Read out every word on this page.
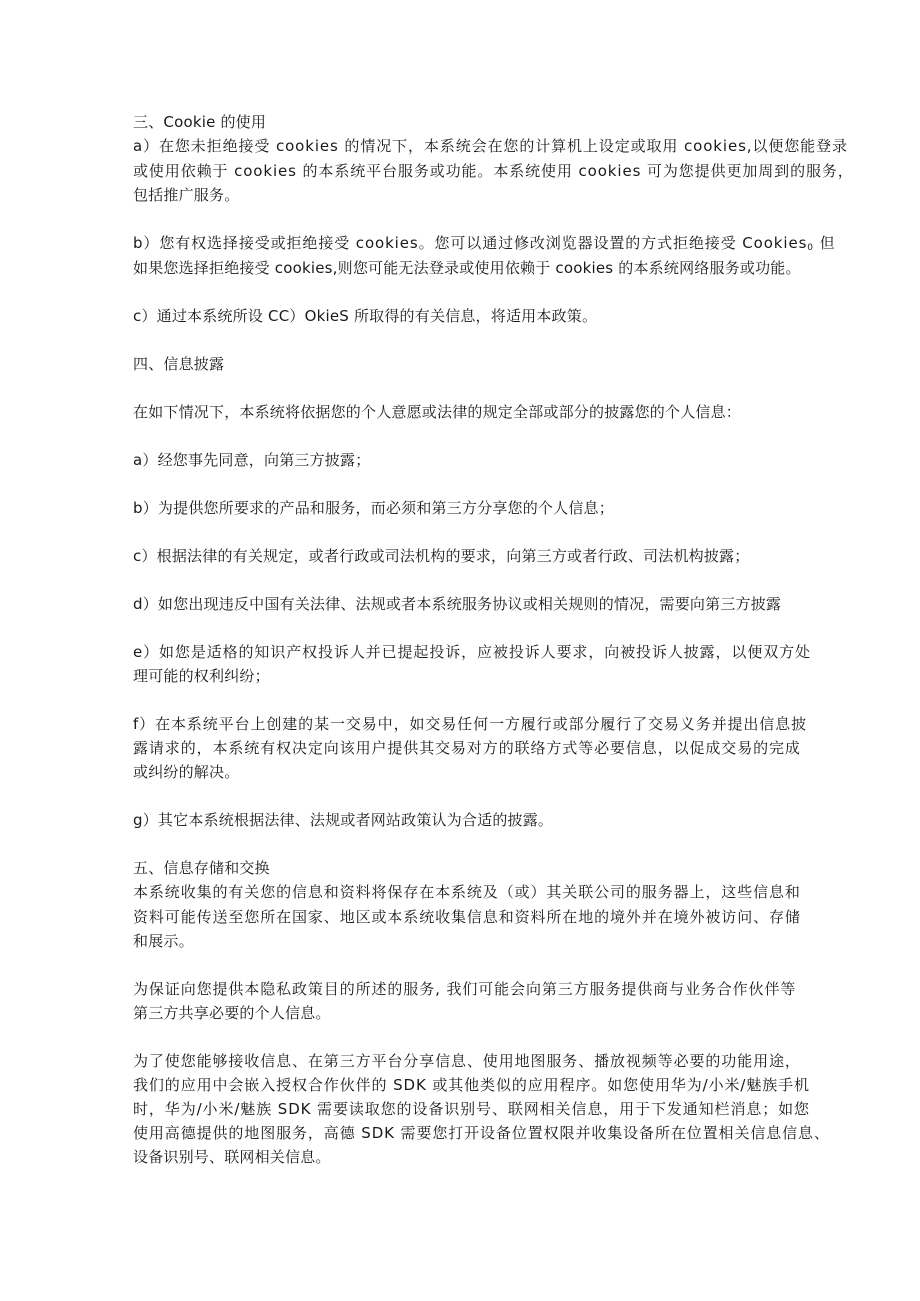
三、Cookie 的使用
a）在您未拒绝接受 cookies 的情况下，本系统会在您的计算机上设定或取用 cookies,以便您能登录
或使用依赖于 cookies 的本系统平台服务或功能。本系统使用 cookies 可为您提供更加周到的服务，
包括推广服务。
b）您有权选择接受或拒绝接受 cookies。您可以通过修改浏览器设置的方式拒绝接受 Cookies$_0$ 但
如果您选择拒绝接受 cookies,则您可能无法登录或使用依赖于 cookies 的本系统网络服务或功能。
c）通过本系统所设 CC）OkieS 所取得的有关信息，将适用本政策。
四、信息披露
在如下情况下，本系统将依据您的个人意愿或法律的规定全部或部分的披露您的个人信息：
a）经您事先同意，向第三方披露；
b）为提供您所要求的产品和服务，而必须和第三方分享您的个人信息；
c）根据法律的有关规定，或者行政或司法机构的要求，向第三方或者行政、司法机构披露；
d）如您出现违反中国有关法律、法规或者本系统服务协议或相关规则的情况，需要向第三方披露
e）如您是适格的知识产权投诉人并已提起投诉，应被投诉人要求，向被投诉人披露，以便双方处
理可能的权利纠纷；
f）在本系统平台上创建的某一交易中，如交易任何一方履行或部分履行了交易义务并提出信息披
露请求的，本系统有权决定向该用户提供其交易对方的联络方式等必要信息，以促成交易的完成
或纠纷的解决。
g）其它本系统根据法律、法规或者网站政策认为合适的披露。
五、信息存储和交换
本系统收集的有关您的信息和资料将保存在本系统及（或）其关联公司的服务器上，这些信息和
资料可能传送至您所在国家、地区或本系统收集信息和资料所在地的境外并在境外被访问、存储
和展示。
为保证向您提供本隐私政策目的所述的服务, 我们可能会向第三方服务提供商与业务合作伙伴等
第三方共享必要的个人信息。
为了使您能够接收信息、在第三方平台分享信息、使用地图服务、播放视频等必要的功能用途，
我们的应用中会嵌入授权合作伙伴的 SDK 或其他类似的应用程序。如您使用华为/小米/魅族手机
时，华为/小米/魅族 SDK 需要读取您的设备识别号、联网相关信息，用于下发通知栏消息；如您
使用高德提供的地图服务，高德 SDK 需要您打开设备位置权限并收集设备所在位置相关信息信息、
设备识别号、联网相关信息。
